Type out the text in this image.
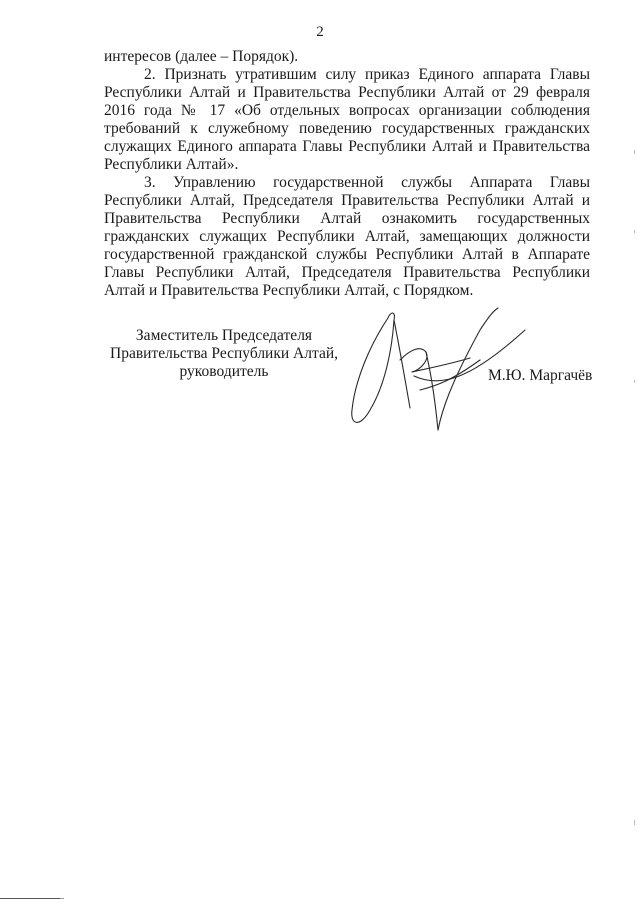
2

интересов (далее – Порядок).

2. Признать утратившим силу приказ Единого аппарата Главы Республики Алтай и Правительства Республики Алтай от 29 февраля 2016 года № 17 «Об отдельных вопросах организации соблюдения требований к служебному поведению государственных гражданских служащих Единого аппарата Главы Республики Алтай и Правительства Республики Алтай».

3. Управлению государственной службы Аппарата Главы Республики Алтай, Председателя Правительства Республики Алтай и Правительства Республики Алтай ознакомить государственных гражданских служащих Республики Алтай, замещающих должности государственной гражданской службы Республики Алтай в Аппарате Главы Республики Алтай, Председателя Правительства Республики Алтай и Правительства Республики Алтай, с Порядком.

Заместитель Председателя
Правительства Республики Алтай,
руководитель	М.Ю. Маргачёв
